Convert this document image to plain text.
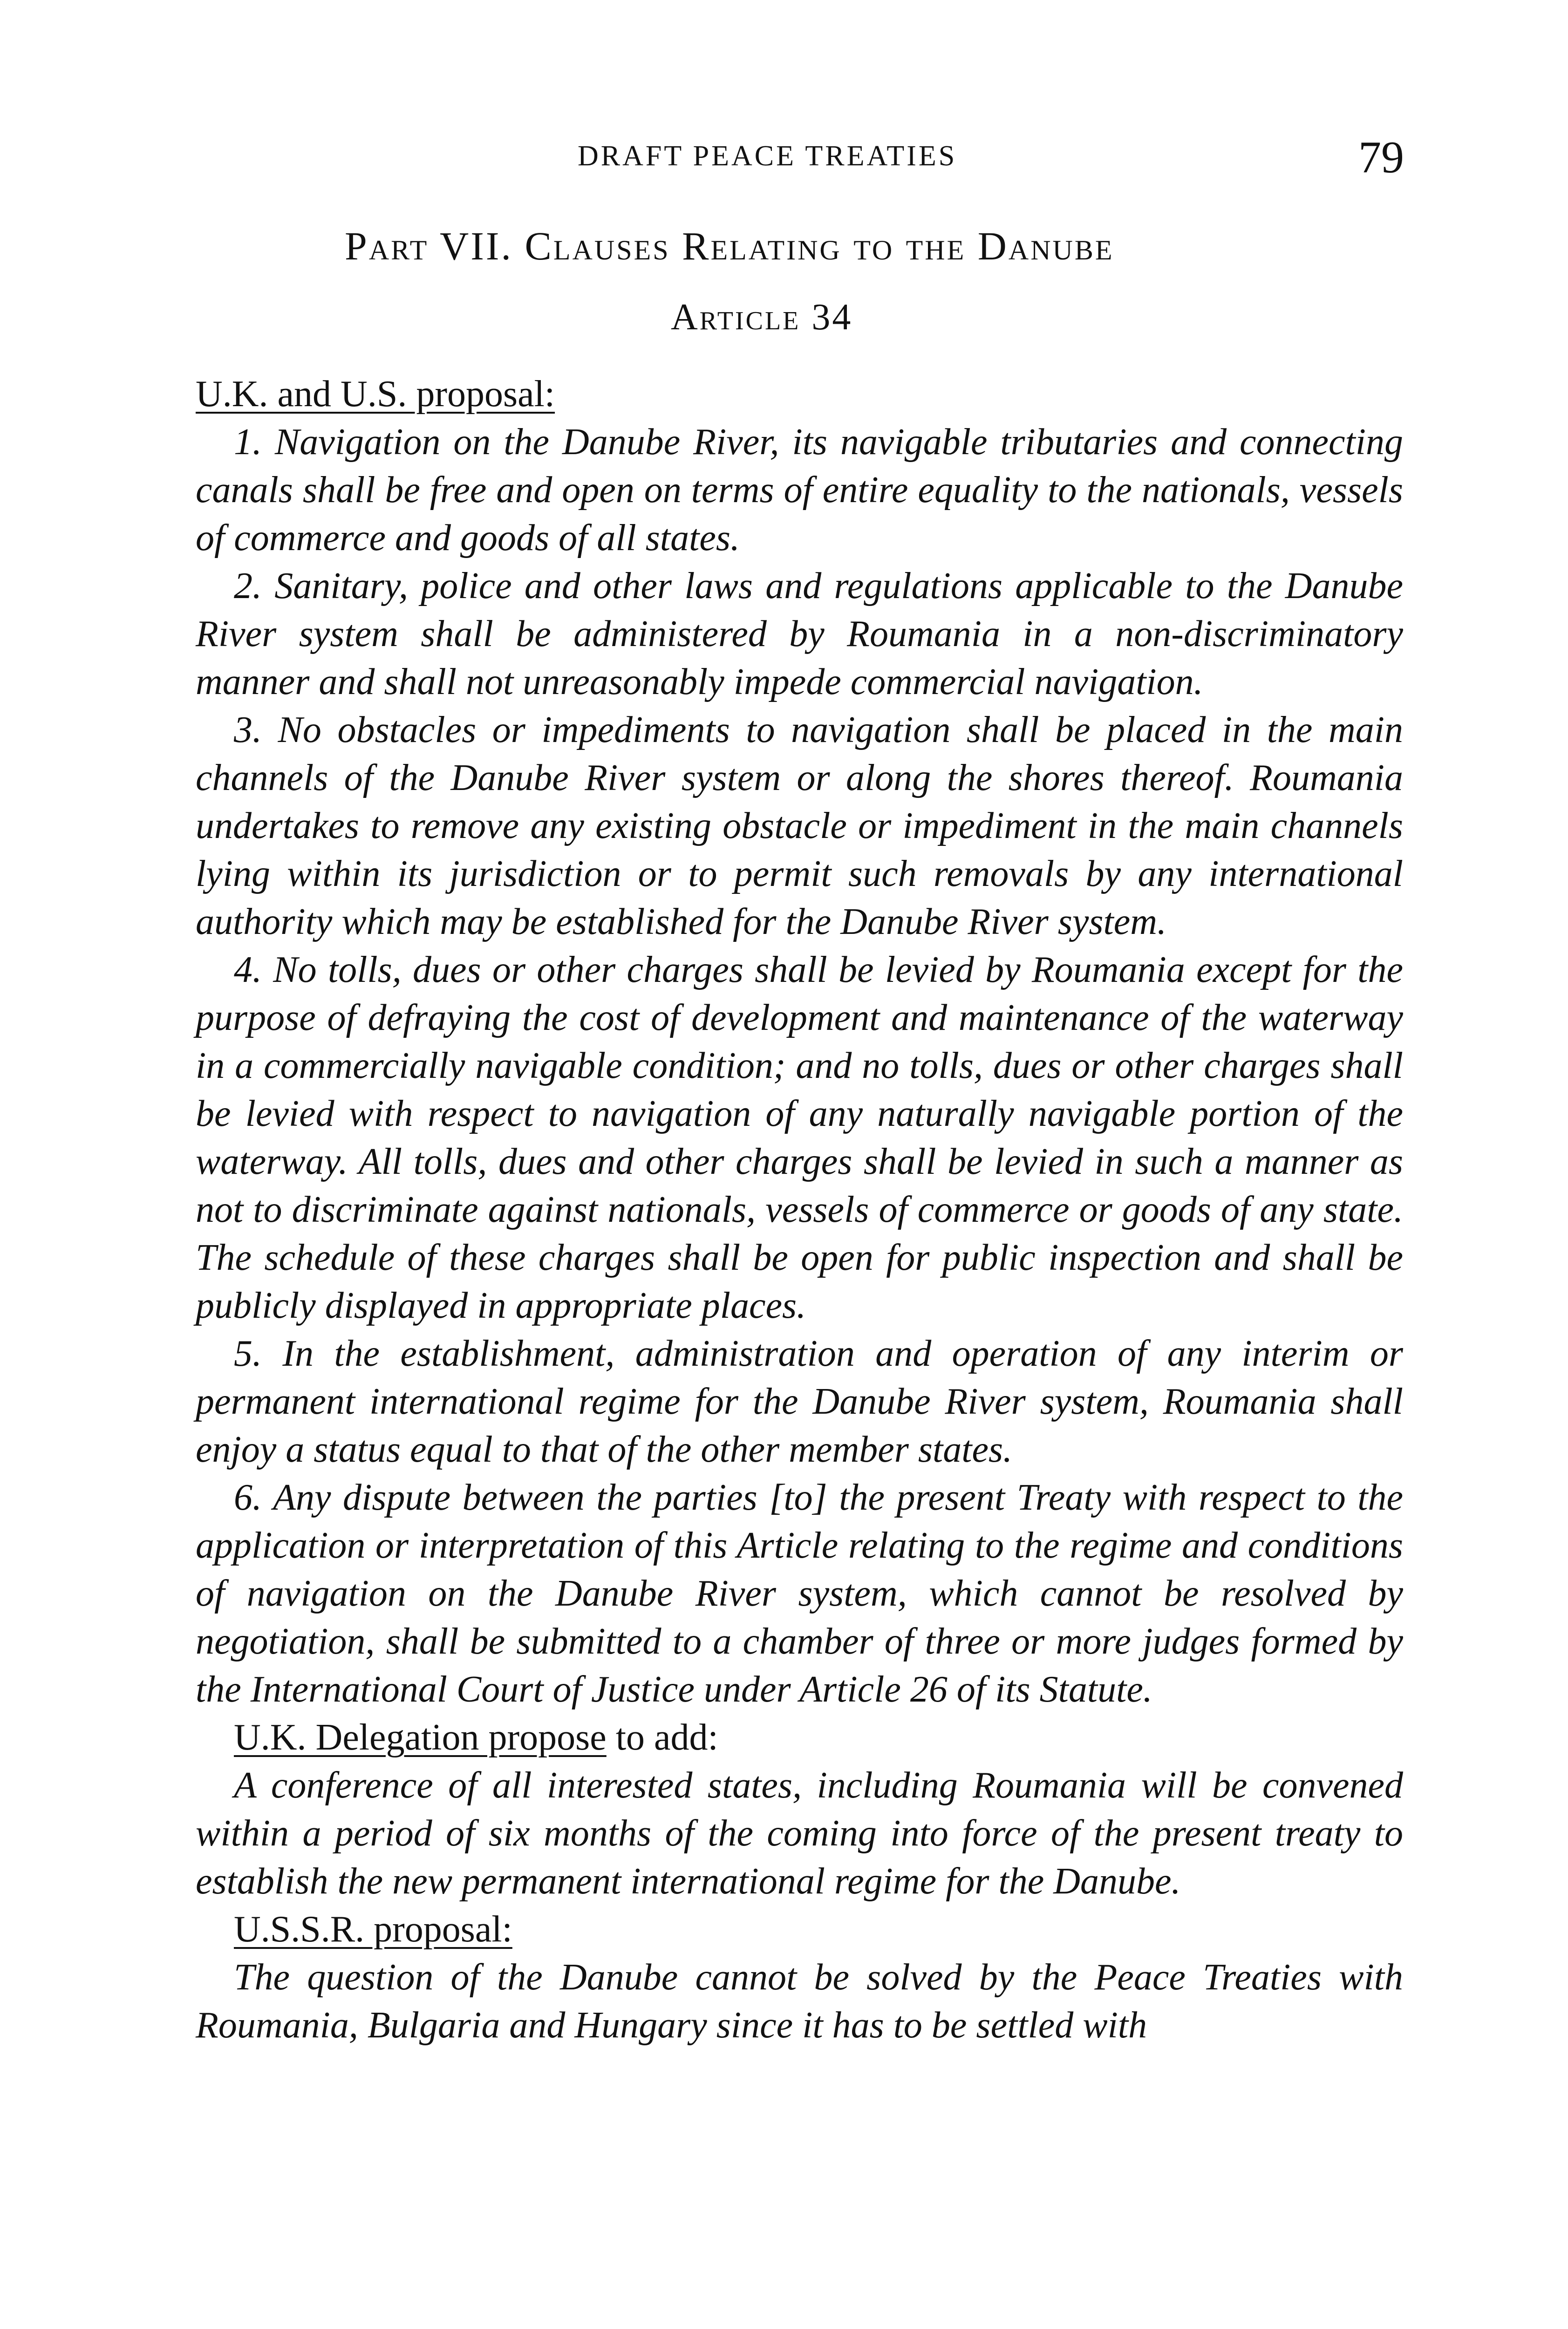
DRAFT PEACE TREATIES	79
Part VII. Clauses Relating to the Danube
Article 34

U.K. and U.S. proposal:

1. Navigation on the Danube River, its navigable tributaries and connecting canals shall be free and open on terms of entire equality to the nationals, vessels of commerce and goods of all states.

2. Sanitary, police and other laws and regulations applicable to the Danube River system shall be administered by Roumania in a non-discriminatory manner and shall not unreasonably impede commercial navigation.

3. No obstacles or impediments to navigation shall be placed in the main channels of the Danube River system or along the shores thereof. Roumania undertakes to remove any existing obstacle or impediment in the main channels lying within its jurisdiction or to permit such removals by any international authority which may be established for the Danube River system.

4. No tolls, dues or other charges shall be levied by Roumania except for the purpose of defraying the cost of development and maintenance of the waterway in a commercially navigable condition; and no tolls, dues or other charges shall be levied with respect to navigation of any naturally navigable portion of the waterway. All tolls, dues and other charges shall be levied in such a manner as not to discriminate against nationals, vessels of commerce or goods of any state. The schedule of these charges shall be open for public inspection and shall be publicly displayed in appropriate places.

5. In the establishment, administration and operation of any interim or permanent international regime for the Danube River system, Roumania shall enjoy a status equal to that of the other member states.

6. Any dispute between the parties [to] the present Treaty with respect to the application or interpretation of this Article relating to the regime and conditions of navigation on the Danube River system, which cannot be resolved by negotiation, shall be submitted to a chamber of three or more judges formed by the International Court of Justice under Article 26 of its Statute.

U.K. Delegation propose to add:

A conference of all interested states, including Roumania will be convened within a period of six months of the coming into force of the present treaty to establish the new permanent international regime for the Danube.

U.S.S.R. proposal:

The question of the Danube cannot be solved by the Peace Treaties with Roumania, Bulgaria and Hungary since it has to be settled with
